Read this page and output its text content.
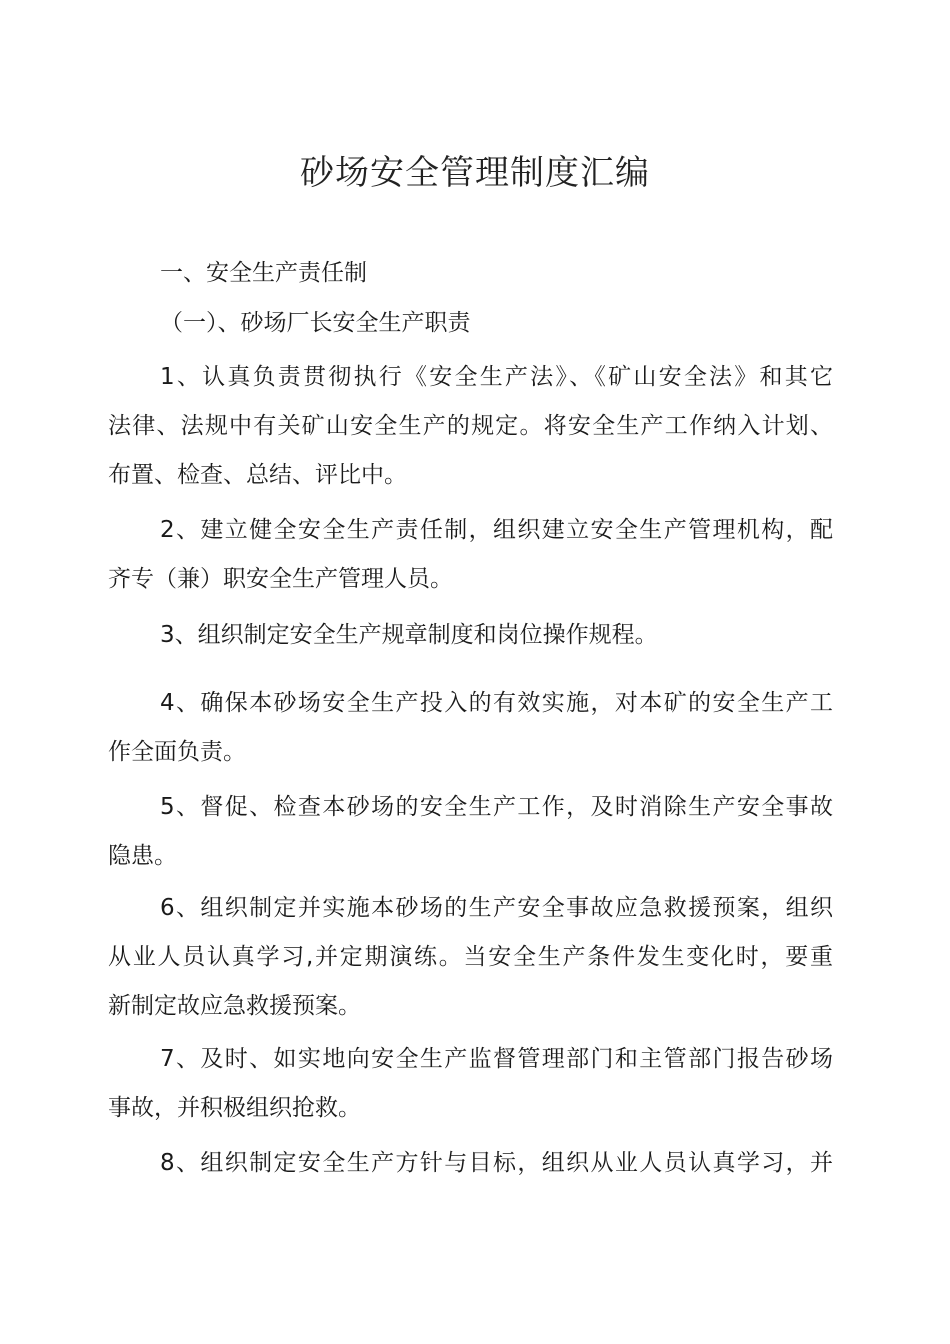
砂场安全管理制度汇编

一、安全生产责任制

（一）、砂场厂长安全生产职责

1、认真负责贯彻执行《安全生产法》、《矿山安全法》和其它

法律、法规中有关矿山安全生产的规定。将安全生产工作纳入计划、

布置、检查、总结、评比中。

2、建立健全安全生产责任制，组织建立安全生产管理机构，配

齐专（兼）职安全生产管理人员。

3、组织制定安全生产规章制度和岗位操作规程。

4、确保本砂场安全生产投入的有效实施，对本矿的安全生产工

作全面负责。

5、督促、检查本砂场的安全生产工作，及时消除生产安全事故

隐患。

6、组织制定并实施本砂场的生产安全事故应急救援预案，组织

从业人员认真学习,并定期演练。当安全生产条件发生变化时，要重

新制定故应急救援预案。

7、及时、如实地向安全生产监督管理部门和主管部门报告砂场

事故，并积极组织抢救。

8、组织制定安全生产方针与目标，组织从业人员认真学习，并
